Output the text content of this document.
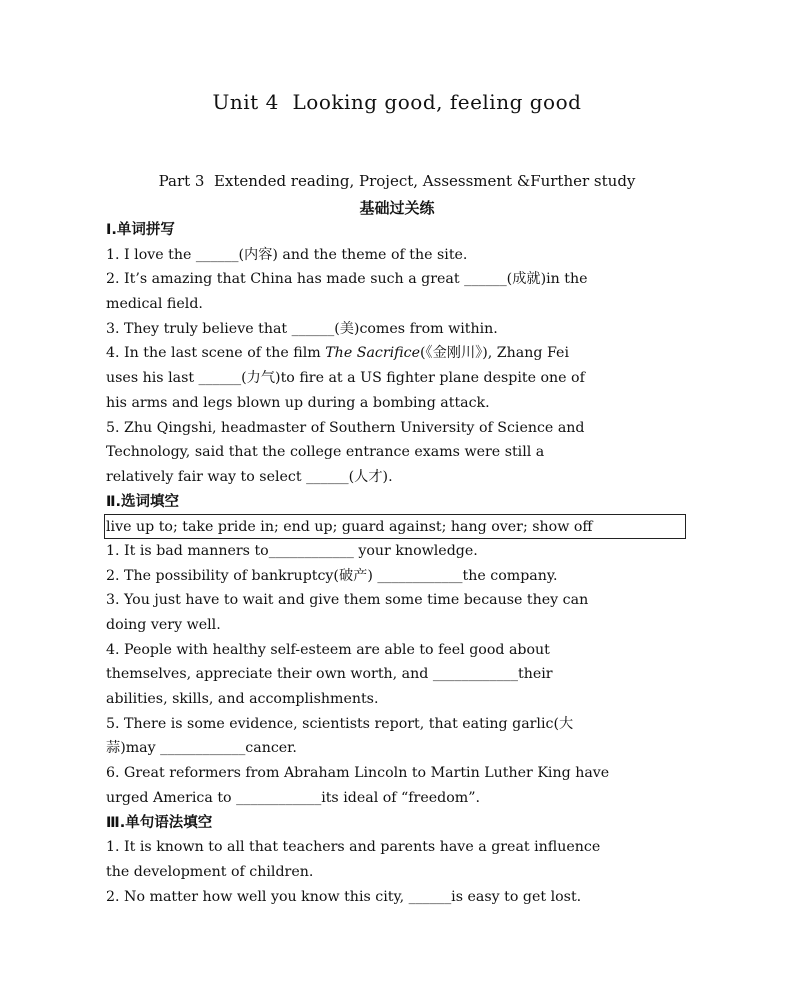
Unit 4  Looking good, feeling good
Part 3  Extended reading, Project, Assessment &Further study
基础过关练
Ⅰ.单词拼写
1. I love the ______(内容) and the theme of the site.
2. It’s amazing that China has made such a great ______(成就)in the
medical field.
3. They truly believe that ______(美)comes from within.
4. In the last scene of the film The Sacrifice(《金刚川》), Zhang Fei
uses his last ______(力气)to fire at a US fighter plane despite one of
his arms and legs blown up during a bombing attack.
5. Zhu Qingshi, headmaster of Southern University of Science and
Technology, said that the college entrance exams were still a
relatively fair way to select ______(人才).
Ⅱ.选词填空
live up to; take pride in; end up; guard against; hang over; show off
1. It is bad manners to____________ your knowledge.
2. The possibility of bankruptcy(破产) ____________the company.
3. You just have to wait and give them some time because they can
doing very well.
4. People with healthy self-esteem are able to feel good about
themselves, appreciate their own worth, and ____________their
abilities, skills, and accomplishments.
5. There is some evidence, scientists report, that eating garlic(大
蒜)may ____________cancer.
6. Great reformers from Abraham Lincoln to Martin Luther King have
urged America to ____________its ideal of “freedom”.
Ⅲ.单句语法填空
1. It is known to all that teachers and parents have a great influence
the development of children.
2. No matter how well you know this city, ______is easy to get lost.
